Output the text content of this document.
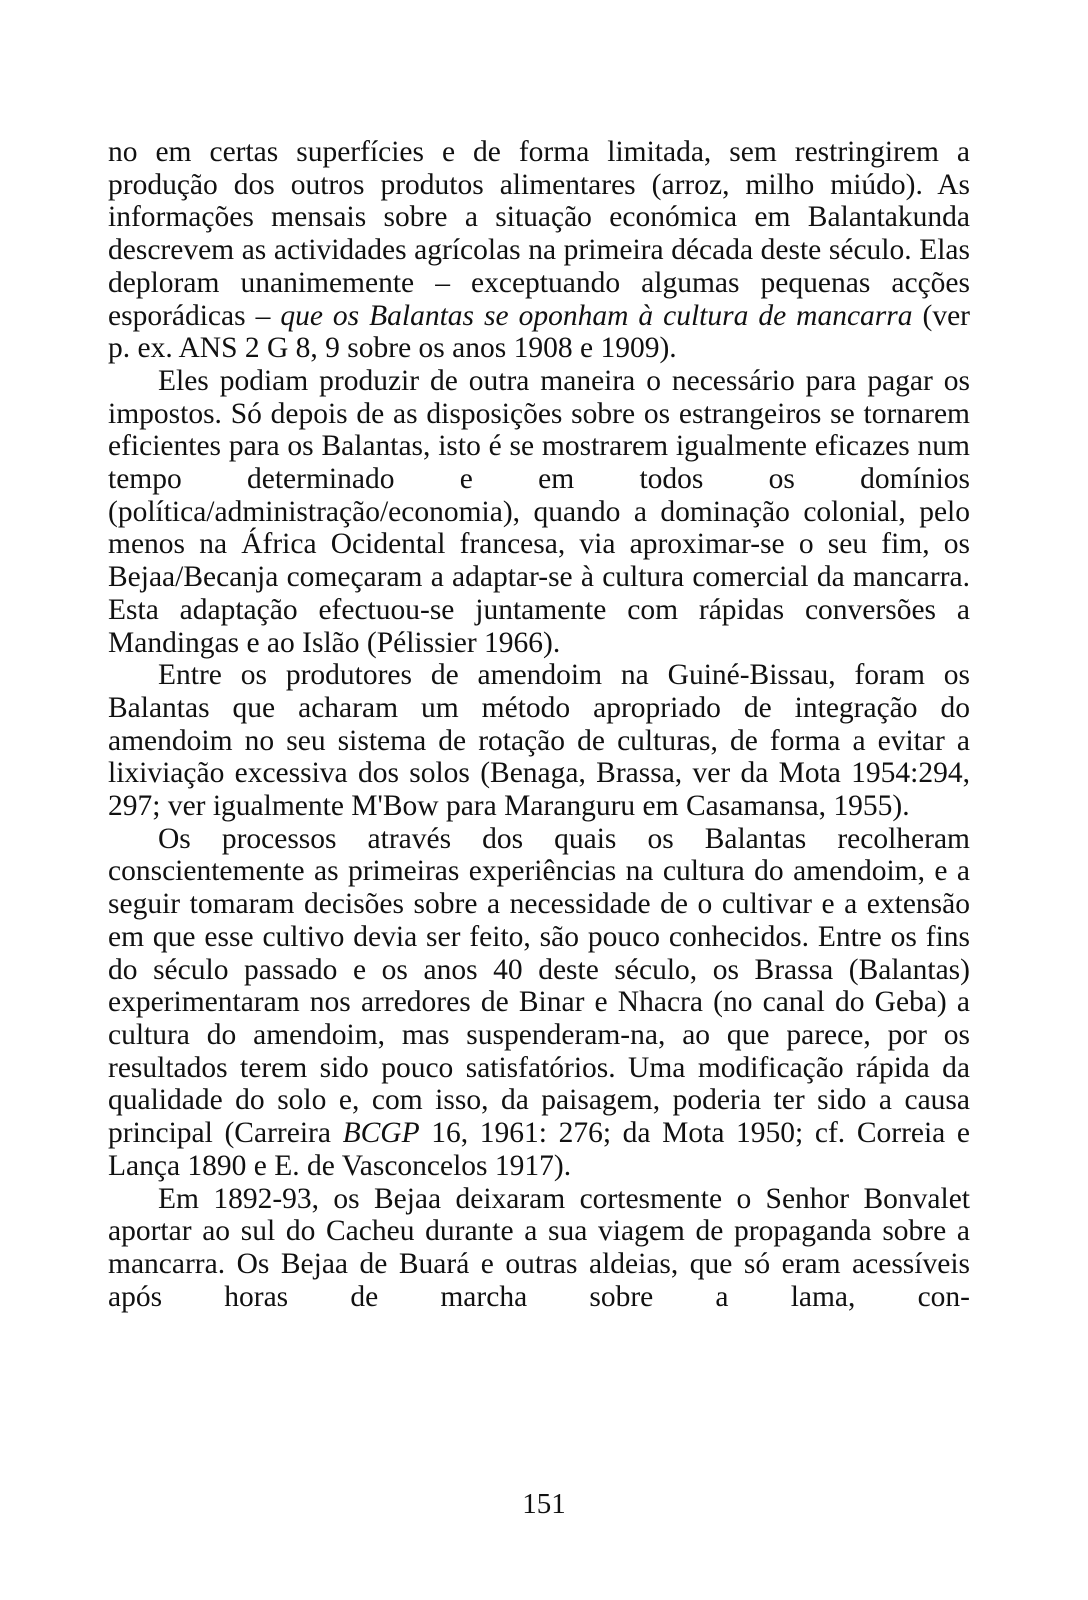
no em certas superfícies e de forma limitada, sem restringirem a produção dos outros produtos alimentares (arroz, milho miúdo). As informações mensais sobre a situação económica em Balantakunda descrevem as actividades agrícolas na primeira década deste século. Elas deploram unanimemente – exceptuando algumas pequenas acções esporádicas – que os Balantas se oponham à cultura de mancarra (ver p. ex. ANS 2 G 8, 9 sobre os anos 1908 e 1909).

Eles podiam produzir de outra maneira o necessário para pagar os impostos. Só depois de as disposições sobre os estrangeiros se tornarem eficientes para os Balantas, isto é se mostrarem igualmente eficazes num tempo determinado e em todos os domínios (política/administração/economia), quando a dominação colonial, pelo menos na África Ocidental francesa, via aproximar-se o seu fim, os Bejaa/Becanja começaram a adaptar-se à cultura comercial da mancarra. Esta adaptação efectuou-se juntamente com rápidas conversões a Mandingas e ao Islão (Pélissier 1966).

Entre os produtores de amendoim na Guiné-Bissau, foram os Balantas que acharam um método apropriado de integração do amendoim no seu sistema de rotação de culturas, de forma a evitar a lixiviação excessiva dos solos (Benaga, Brassa, ver da Mota 1954:294, 297; ver igualmente M'Bow para Maranguru em Casamansa, 1955).

Os processos através dos quais os Balantas recolheram conscientemente as primeiras experiências na cultura do amendoim, e a seguir tomaram decisões sobre a necessidade de o cultivar e a extensão em que esse cultivo devia ser feito, são pouco conhecidos. Entre os fins do século passado e os anos 40 deste século, os Brassa (Balantas) experimentaram nos arredores de Binar e Nhacra (no canal do Geba) a cultura do amendoim, mas suspenderam-na, ao que parece, por os resultados terem sido pouco satisfatórios. Uma modificação rápida da qualidade do solo e, com isso, da paisagem, poderia ter sido a causa principal (Carreira BCGP 16, 1961: 276; da Mota 1950; cf. Correia e Lança 1890 e E. de Vasconcelos 1917).

Em 1892-93, os Bejaa deixaram cortesmente o Senhor Bonvalet aportar ao sul do Cacheu durante a sua viagem de propaganda sobre a mancarra. Os Bejaa de Buará e outras aldeias, que só eram acessíveis após horas de marcha sobre a lama, con-

151
